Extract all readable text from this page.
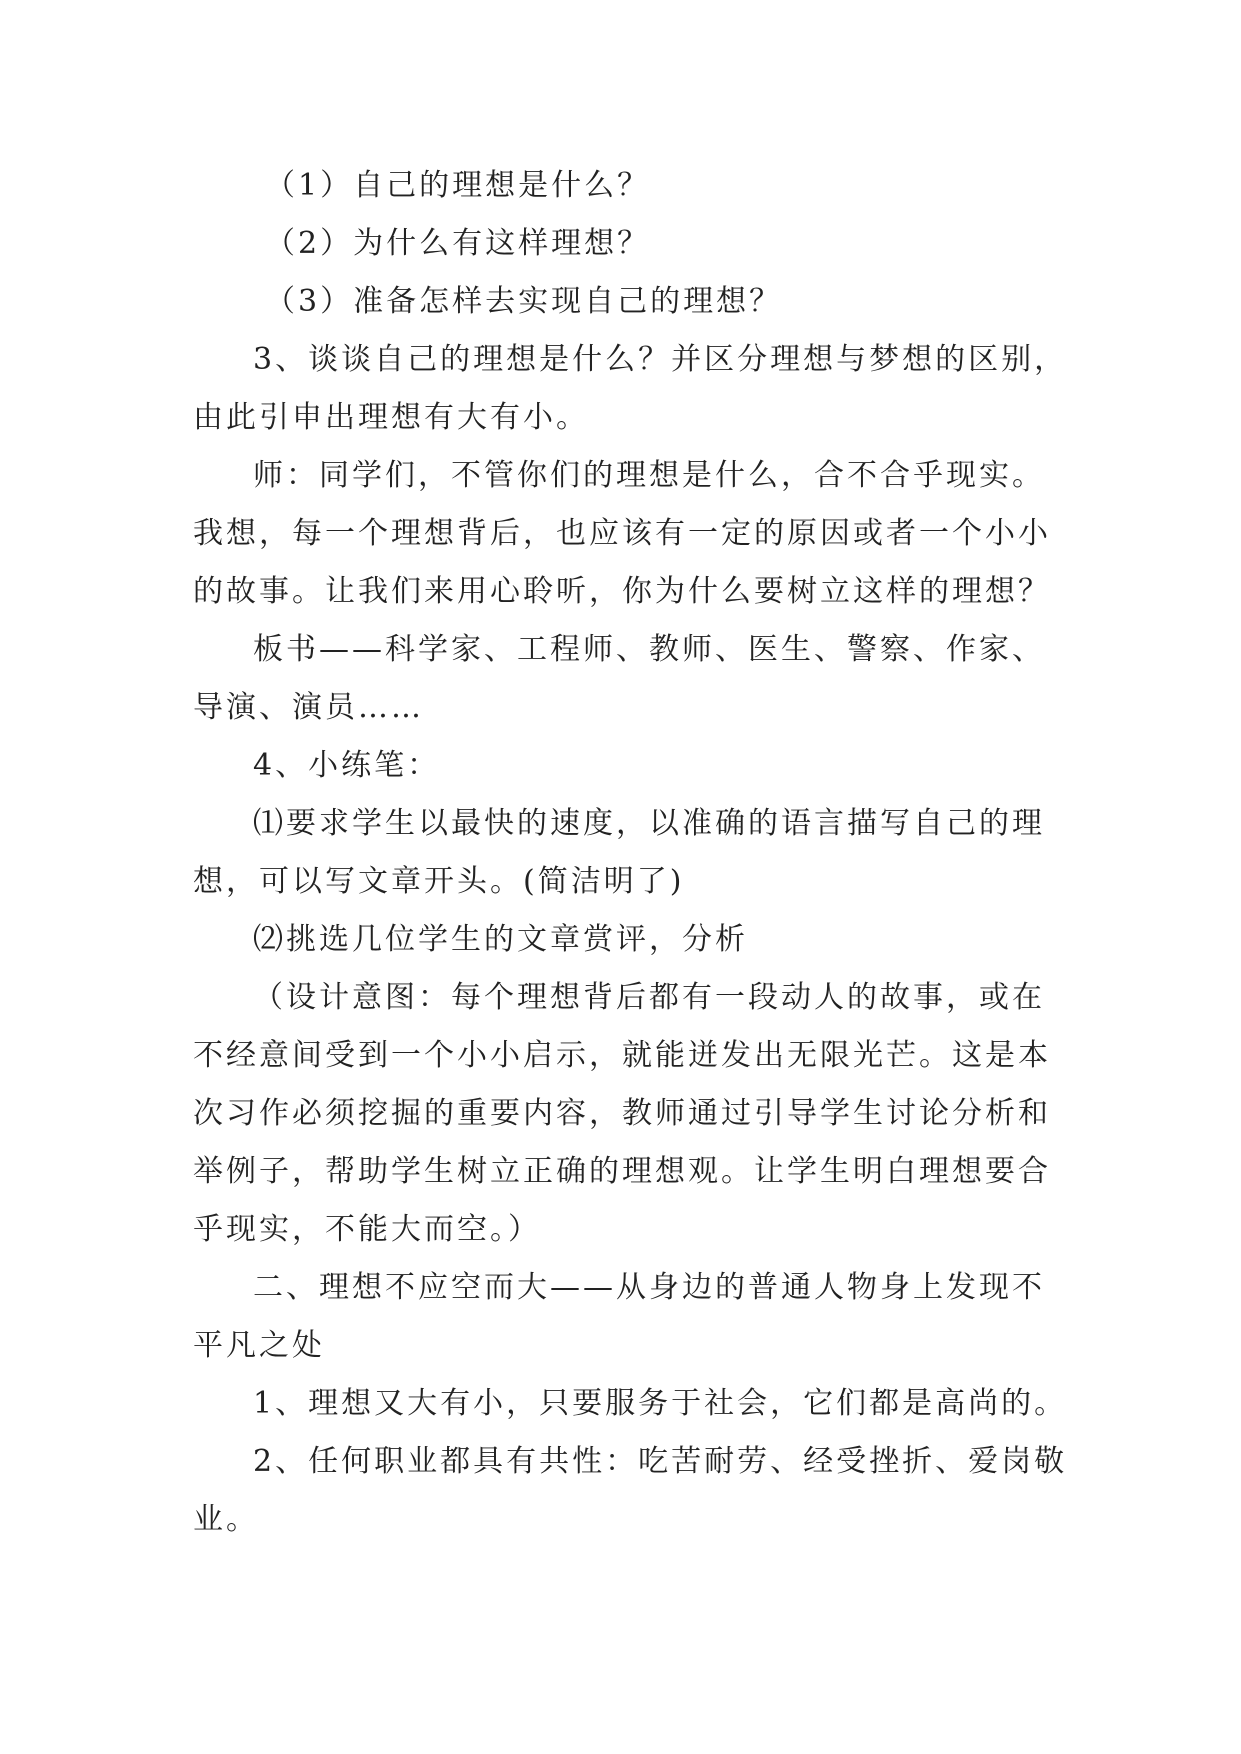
（1）自己的理想是什么？

（2）为什么有这样理想？

（3）准备怎样去实现自己的理想？

3、谈谈自己的理想是什么？并区分理想与梦想的区别，由此引申出理想有大有小。

师：同学们，不管你们的理想是什么，合不合乎现实。我想，每一个理想背后，也应该有一定的原因或者一个小小的故事。让我们来用心聆听，你为什么要树立这样的理想？

板书——科学家、工程师、教师、医生、警察、作家、导演、演员……

4、小练笔：

⑴要求学生以最快的速度，以准确的语言描写自己的理想，可以写文章开头。(简洁明了)

⑵挑选几位学生的文章赏评，分析

（设计意图：每个理想背后都有一段动人的故事，或在不经意间受到一个小小启示，就能迸发出无限光芒。这是本次习作必须挖掘的重要内容，教师通过引导学生讨论分析和举例子，帮助学生树立正确的理想观。让学生明白理想要合乎现实，不能大而空。）

二、理想不应空而大——从身边的普通人物身上发现不平凡之处

1、理想又大有小，只要服务于社会，它们都是高尚的。

2、任何职业都具有共性：吃苦耐劳、经受挫折、爱岗敬业。
